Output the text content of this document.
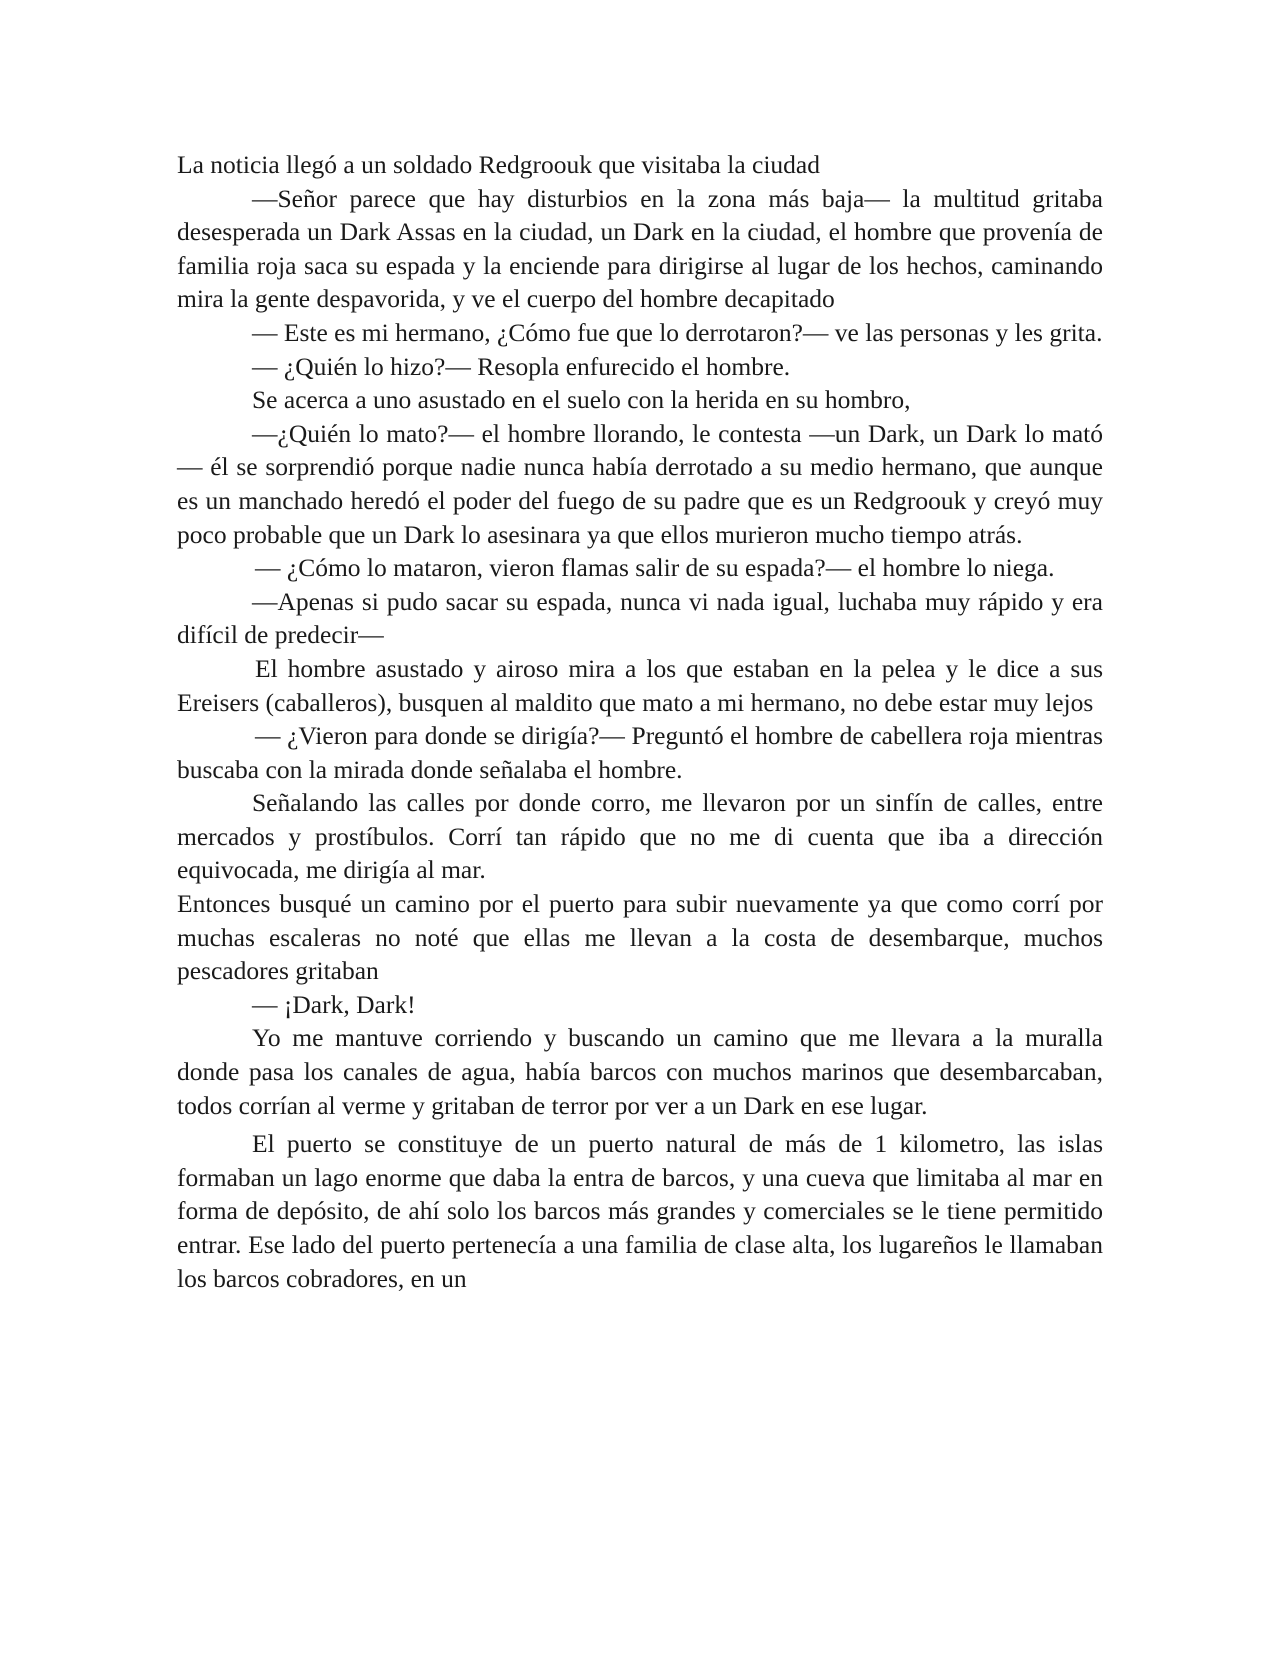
La noticia llegó a un soldado Redgroouk que visitaba la ciudad

—Señor parece que hay disturbios en la zona más baja— la multitud gritaba desesperada un Dark Assas en la ciudad, un Dark en la ciudad, el hombre que provenía de familia roja saca su espada y la enciende para dirigirse al lugar de los hechos, caminando mira la gente despavorida, y ve el cuerpo del hombre decapitado

— Este es mi hermano, ¿Cómo fue que lo derrotaron?— ve las personas y les grita.

— ¿Quién lo hizo?— Resopla enfurecido el hombre.

Se acerca a uno asustado en el suelo con la herida en su hombro,

—¿Quién lo mato?— el hombre llorando, le contesta —un Dark, un Dark lo mató— él se sorprendió porque nadie nunca había derrotado a su medio hermano, que aunque es un manchado heredó el poder del fuego de su padre que es un Redgroouk y creyó muy poco probable que un Dark lo asesinara ya que ellos murieron mucho tiempo atrás.

— ¿Cómo lo mataron, vieron flamas salir de su espada?— el hombre lo niega.

—Apenas si pudo sacar su espada, nunca vi nada igual, luchaba muy rápido y era difícil de predecir—

El hombre asustado y airoso mira a los que estaban en la pelea y le dice a sus Ereisers (caballeros), busquen al maldito que mato a mi hermano, no debe estar muy lejos

— ¿Vieron para donde se dirigía?— Preguntó el hombre de cabellera roja mientras buscaba con la mirada donde señalaba el hombre.

Señalando las calles por donde corro, me llevaron por un sinfín de calles, entre mercados y prostíbulos. Corrí tan rápido que no me di cuenta que iba a dirección equivocada, me dirigía al mar.

Entonces busqué un camino por el puerto para subir nuevamente ya que como corrí por muchas escaleras no noté que ellas me llevan a la costa de desembarque, muchos pescadores gritaban

— ¡Dark, Dark!

Yo me mantuve corriendo y buscando un camino que me llevara a la muralla donde pasa los canales de agua, había barcos con muchos marinos que desembarcaban, todos corrían al verme y gritaban de terror por ver a un Dark en ese lugar.

El puerto se constituye de un puerto natural de más de 1 kilometro, las islas formaban un lago enorme que daba la entra de barcos, y una cueva que limitaba al mar en forma de depósito, de ahí solo los barcos más grandes y comerciales se le tiene permitido entrar. Ese lado del puerto pertenecía a una familia de clase alta, los lugareños le llamaban los barcos cobradores, en un
